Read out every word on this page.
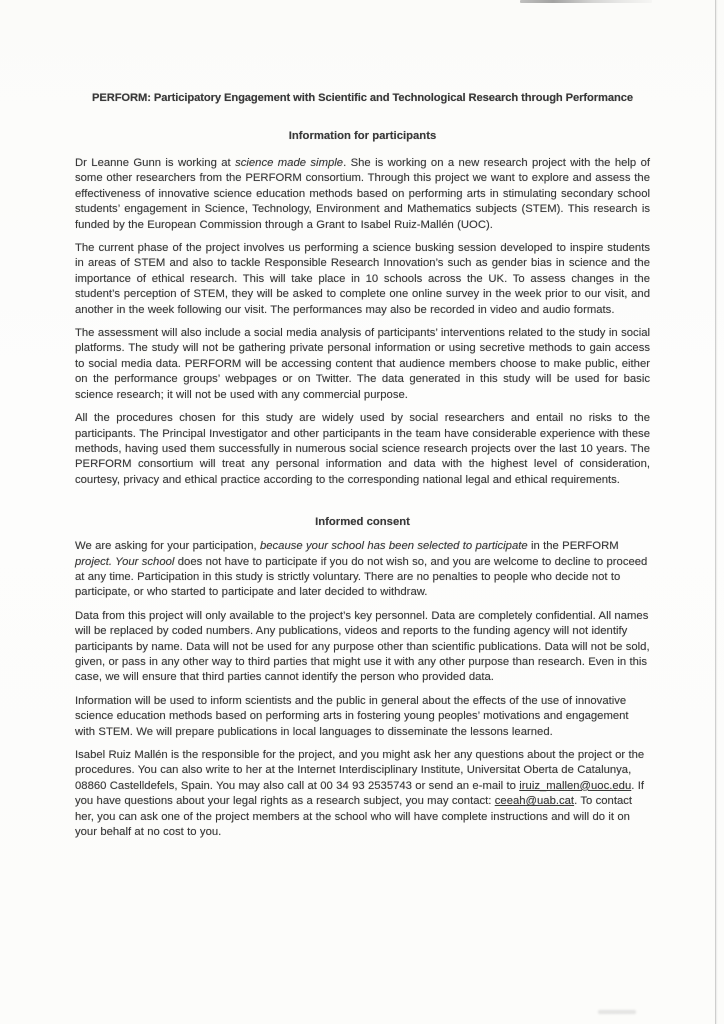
PERFORM: Participatory Engagement with Scientific and Technological Research through Performance
Information for participants

Dr Leanne Gunn is working at science made simple. She is working on a new research project with the help of some other researchers from the PERFORM consortium. Through this project we want to explore and assess the effectiveness of innovative science education methods based on performing arts in stimulating secondary school students’ engagement in Science, Technology, Environment and Mathematics subjects (STEM). This research is funded by the European Commission through a Grant to Isabel Ruiz-Mallén (UOC).

The current phase of the project involves us performing a science busking session developed to inspire students in areas of STEM and also to tackle Responsible Research Innovation’s such as gender bias in science and the importance of ethical research. This will take place in 10 schools across the UK. To assess changes in the student’s perception of STEM, they will be asked to complete one online survey in the week prior to our visit, and another in the week following our visit. The performances may also be recorded in video and audio formats.

The assessment will also include a social media analysis of participants’ interventions related to the study in social platforms. The study will not be gathering private personal information or using secretive methods to gain access to social media data. PERFORM will be accessing content that audience members choose to make public, either on the performance groups’ webpages or on Twitter. The data generated in this study will be used for basic science research; it will not be used with any commercial purpose.

All the procedures chosen for this study are widely used by social researchers and entail no risks to the participants. The Principal Investigator and other participants in the team have considerable experience with these methods, having used them successfully in numerous social science research projects over the last 10 years. The PERFORM consortium will treat any personal information and data with the highest level of consideration, courtesy, privacy and ethical practice according to the corresponding national legal and ethical requirements.

Informed consent

We are asking for your participation, because your school has been selected to participate in the PERFORM project. Your school does not have to participate if you do not wish so, and you are welcome to decline to proceed at any time. Participation in this study is strictly voluntary. There are no penalties to people who decide not to participate, or who started to participate and later decided to withdraw.

Data from this project will only available to the project’s key personnel. Data are completely confidential. All names will be replaced by coded numbers. Any publications, videos and reports to the funding agency will not identify participants by name. Data will not be used for any purpose other than scientific publications. Data will not be sold, given, or pass in any other way to third parties that might use it with any other purpose than research. Even in this case, we will ensure that third parties cannot identify the person who provided data.

Information will be used to inform scientists and the public in general about the effects of the use of innovative science education methods based on performing arts in fostering young peoples’ motivations and engagement with STEM. We will prepare publications in local languages to disseminate the lessons learned.

Isabel Ruiz Mallén is the responsible for the project, and you might ask her any questions about the project or the procedures. You can also write to her at the Internet Interdisciplinary Institute, Universitat Oberta de Catalunya, 08860 Castelldefels, Spain. You may also call at 00 34 93 2535743 or send an e-mail to iruiz_mallen@uoc.edu. If you have questions about your legal rights as a research subject, you may contact: ceeah@uab.cat. To contact her, you can ask one of the project members at the school who will have complete instructions and will do it on your behalf at no cost to you.
